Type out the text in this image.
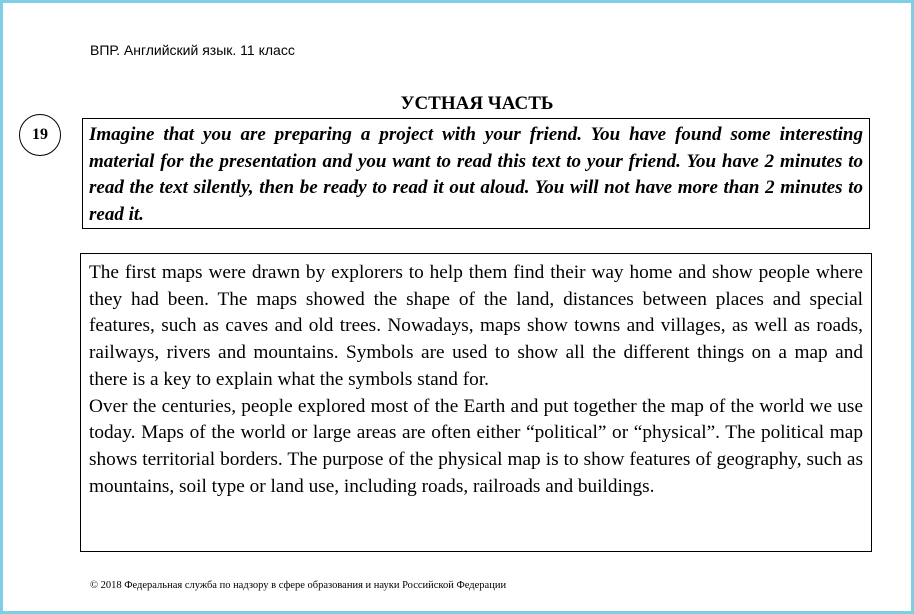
ВПР. Английский язык. 11 класс
УСТНАЯ ЧАСТЬ
19	Imagine that you are preparing a project with your friend. You have found some interesting material for the presentation and you want to read this text to your friend. You have 2 minutes to read the text silently, then be ready to read it out aloud. You will not have more than 2 minutes to read it.

The first maps were drawn by explorers to help them find their way home and show people where they had been. The maps showed the shape of the land, distances between places and special features, such as caves and old trees. Nowadays, maps show towns and villages, as well as roads, railways, rivers and mountains. Symbols are used to show all the different things on a map and there is a key to explain what the symbols stand for.

Over the centuries, people explored most of the Earth and put together the map of the world we use today. Maps of the world or large areas are often either “political” or “physical”. The political map shows territorial borders. The purpose of the physical map is to show features of geography, such as mountains, soil type or land use, including roads, railroads and buildings.

© 2018 Федеральная служба по надзору в сфере образования и науки Российской Федерации
